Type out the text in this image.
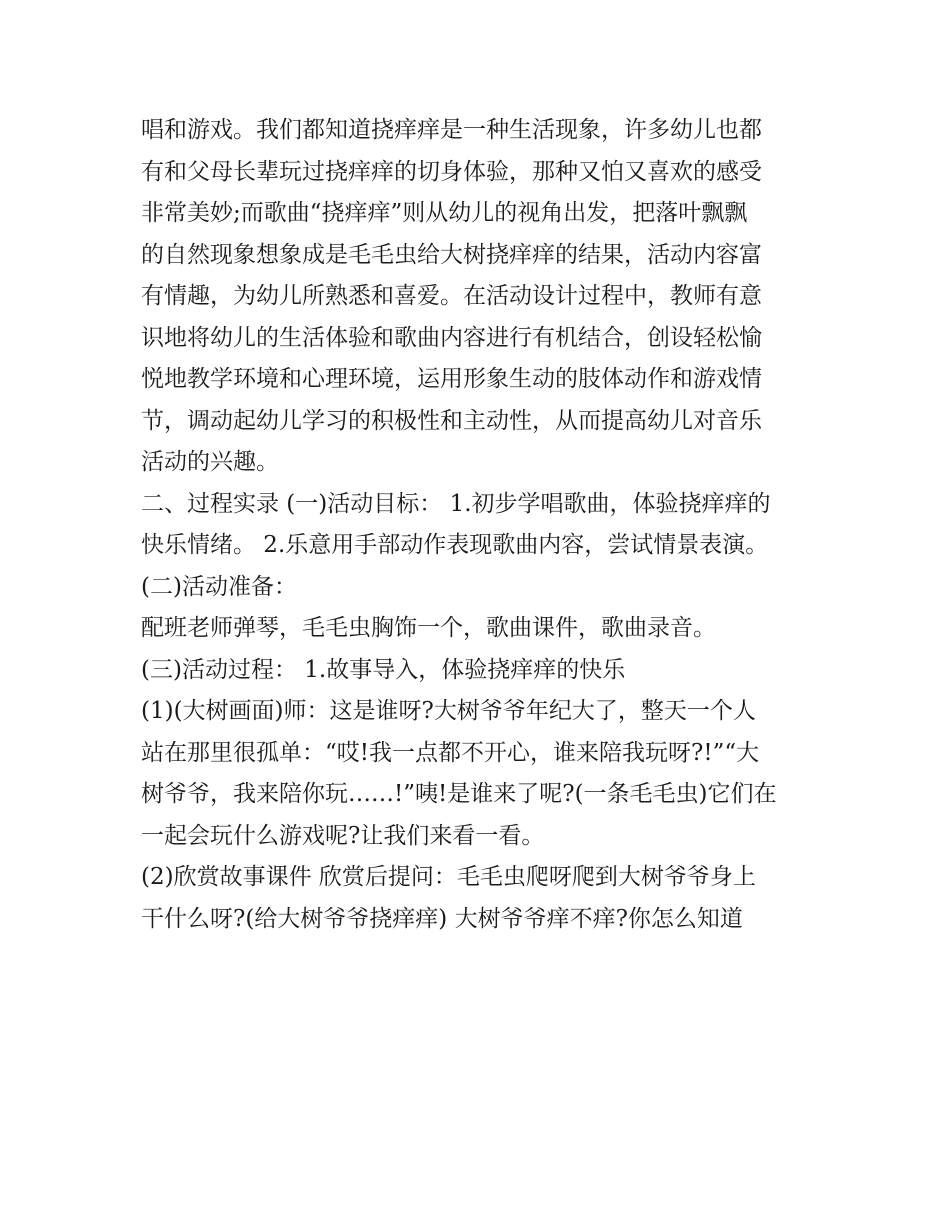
唱和游戏。我们都知道挠痒痒是一种生活现象，许多幼儿也都
有和父母长辈玩过挠痒痒的切身体验，那种又怕又喜欢的感受
非常美妙;而歌曲“挠痒痒”则从幼儿的视角出发，把落叶飘飘
的自然现象想象成是毛毛虫给大树挠痒痒的结果，活动内容富
有情趣，为幼儿所熟悉和喜爱。在活动设计过程中，教师有意
识地将幼儿的生活体验和歌曲内容进行有机结合，创设轻松愉
悦地教学环境和心理环境，运用形象生动的肢体动作和游戏情
节，调动起幼儿学习的积极性和主动性，从而提高幼儿对音乐
活动的兴趣。
二、过程实录 (一)活动目标： 1.初步学唱歌曲，体验挠痒痒的
快乐情绪。 2.乐意用手部动作表现歌曲内容，尝试情景表演。
(二)活动准备：
配班老师弹琴，毛毛虫胸饰一个，歌曲课件，歌曲录音。
(三)活动过程： 1.故事导入，体验挠痒痒的快乐
(1)(大树画面)师：这是谁呀?大树爷爷年纪大了，整天一个人
站在那里很孤单：“哎!我一点都不开心，谁来陪我玩呀?!”“大
树爷爷，我来陪你玩……!”咦!是谁来了呢?(一条毛毛虫)它们在
一起会玩什么游戏呢?让我们来看一看。
(2)欣赏故事课件 欣赏后提问：毛毛虫爬呀爬到大树爷爷身上
干什么呀?(给大树爷爷挠痒痒) 大树爷爷痒不痒?你怎么知道
